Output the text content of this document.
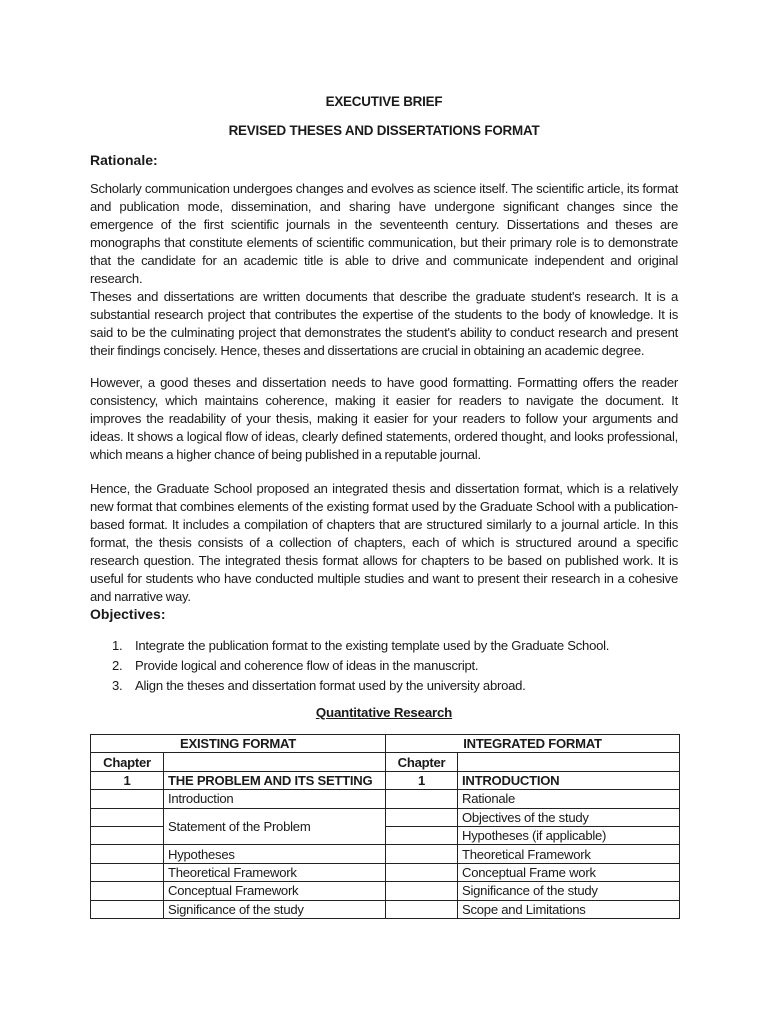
EXECUTIVE BRIEF
REVISED THESES AND DISSERTATIONS FORMAT
Rationale:
Scholarly communication undergoes changes and evolves as science itself. The scientific article, its format and publication mode, dissemination, and sharing have undergone significant changes since the emergence of the first scientific journals in the seventeenth century. Dissertations and theses are monographs that constitute elements of scientific communication, but their primary role is to demonstrate that the candidate for an academic title is able to drive and communicate independent and original research.
Theses and dissertations are written documents that describe the graduate student's research. It is a substantial research project that contributes the expertise of the students to the body of knowledge. It is said to be the culminating project that demonstrates the student's ability to conduct research and present their findings concisely. Hence, theses and dissertations are crucial in obtaining an academic degree.
However, a good theses and dissertation needs to have good formatting. Formatting offers the reader consistency, which maintains coherence, making it easier for readers to navigate the document. It improves the readability of your thesis, making it easier for your readers to follow your arguments and ideas. It shows a logical flow of ideas, clearly defined statements, ordered thought, and looks professional, which means a higher chance of being published in a reputable journal.
Hence, the Graduate School proposed an integrated thesis and dissertation format, which is a relatively new format that combines elements of the existing format used by the Graduate School with a publication-based format. It includes a compilation of chapters that are structured similarly to a journal article. In this format, the thesis consists of a collection of chapters, each of which is structured around a specific research question. The integrated thesis format allows for chapters to be based on published work. It is useful for students who have conducted multiple studies and want to present their research in a cohesive and narrative way.
Objectives:
1. Integrate the publication format to the existing template used by the Graduate School.
2. Provide logical and coherence flow of ideas in the manuscript.
3. Align the theses and dissertation format used by the university abroad.
Quantitative Research
EXISTING FORMAT		INTEGRATED FORMAT	
Chapter		Chapter	
1	THE PROBLEM AND ITS SETTING	1	INTRODUCTION
	Introduction		Rationale
	Statement of the Problem		Objectives of the study
			Hypotheses (if applicable)
	Hypotheses		Theoretical Framework
	Theoretical Framework		Conceptual Frame work
	Conceptual Framework		Significance of the study
	Significance of the study		Scope and Limitations
